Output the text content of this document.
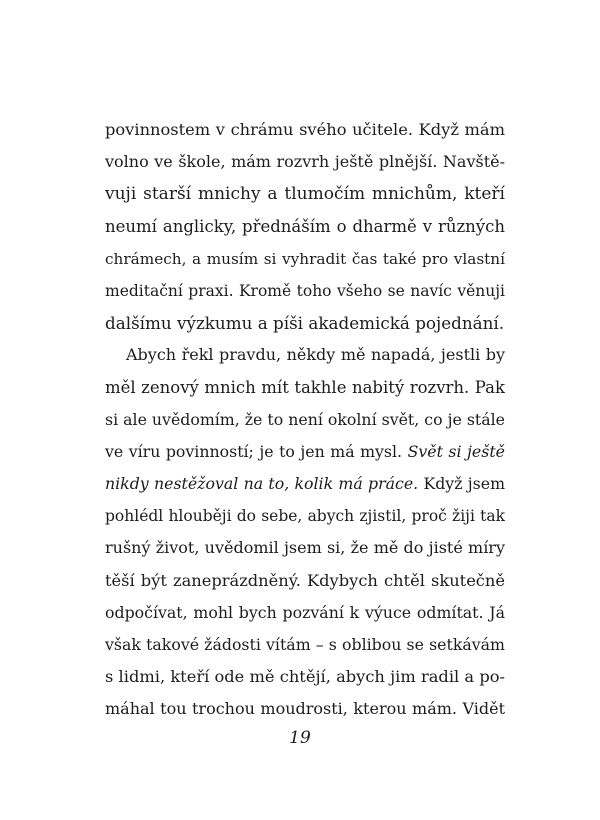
povinnostem v chrámu svého učitele. Když mám
volno ve škole, mám rozvrh ještě plnější. Navště-
vuji starší mnichy a tlumočím mnichům, kteří
neumí anglicky, přednáším o dharmě v různých
chrámech, a musím si vyhradit čas také pro vlastní
meditační praxi. Kromě toho všeho se navíc věnuji
dalšímu výzkumu a píši akademická pojednání.
Abych řekl pravdu, někdy mě napadá, jestli by
měl zenový mnich mít takhle nabitý rozvrh. Pak
si ale uvědomím, že to není okolní svět, co je stále
ve víru povinností; je to jen má mysl. Svět si ještě
nikdy nestěžoval na to, kolik má práce. Když jsem
pohlédl hlouběji do sebe, abych zjistil, proč žiji tak
rušný život, uvědomil jsem si, že mě do jisté míry
těší být zaneprázdněný. Kdybych chtěl skutečně
odpočívat, mohl bych pozvání k výuce odmítat. Já
však takové žádosti vítám – s oblibou se setkávám
s lidmi, kteří ode mě chtějí, abych jim radil a po-
máhal tou trochou moudrosti, kterou mám. Vidět
19
